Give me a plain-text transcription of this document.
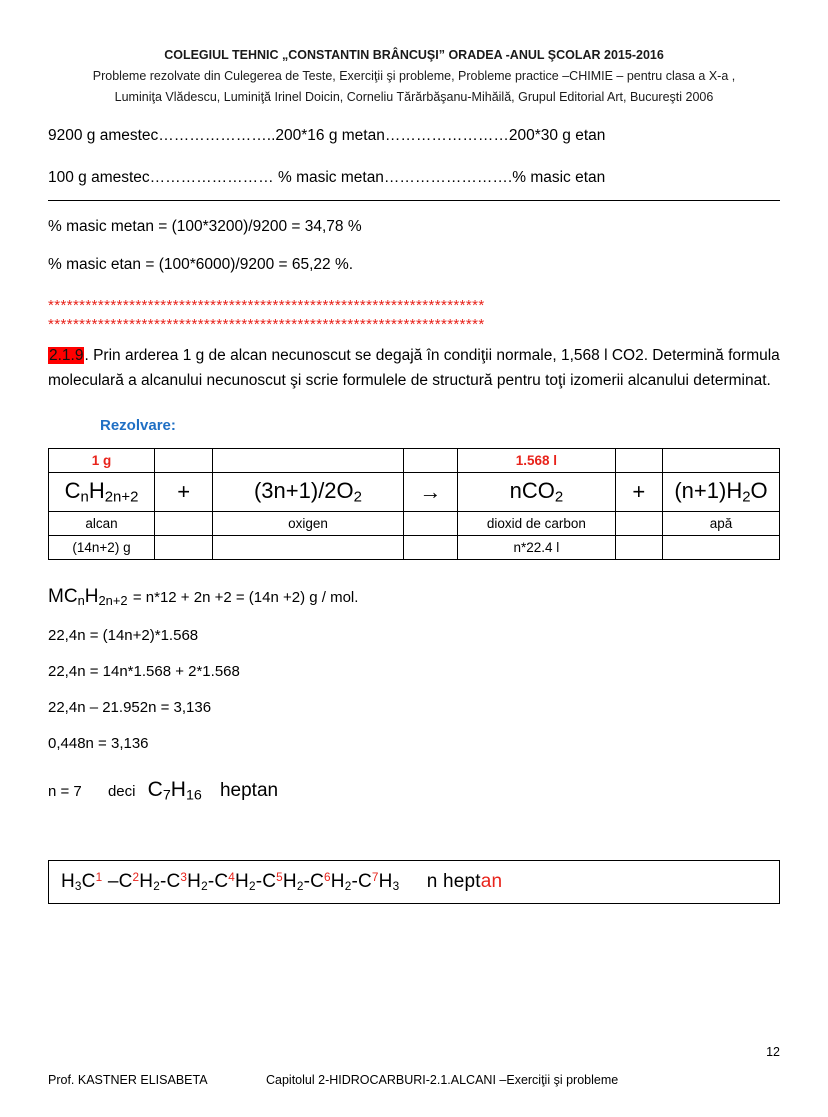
COLEGIUL TEHNIC „CONSTANTIN BRÂNCUŞI” ORADEA -ANUL ŞCOLAR 2015-2016
Probleme rezolvate din Culegerea de Teste, Exerciţii şi probleme, Probleme practice –CHIMIE – pentru clasa a X-a ,
Luminiţa Vlădescu, Luminiţă Irinel Doicin, Corneliu Tărărbăşanu-Mihăilă, Grupul Editorial Art, Bucureşti 2006
9200 g amestec…………………..200*16 g metan……………………200*30 g etan
100 g amestec…………………… % masic metan…………………….% masic etan
% masic metan = (100*3200)/9200 = 34,78 %
% masic etan = (100*6000)/9200 = 65,22 %.
**********************************************************************
**********************************************************************
2.1.9. Prin arderea 1 g de alcan necunoscut se degajă în condiţii normale, 1,568 l CO2. Determină formula moleculară a alcanului necunoscut şi scrie formulele de structură pentru toţi izomerii alcanului determinat.
Rezolvare:
1 g				1.568 l		
$C_nH_{2n+2}$	+	$(3n+1)/2O_2$	→	nCO$_2$	+	$(n+1)H_2O$
alcan		oxigen		dioxid de carbon		apă
(14n+2) g				n*22.4 l		
$MC_nH_{2n+2} = n*12 + 2n +2 = (14n +2)$ g / mol.
22,4n = (14n+2)*1.568
22,4n = 14n*1.568 + 2*1.568
22,4n – 21.952n = 3,136
0,448n = 3,136
n = 7 deci $C_7H_{16}$ heptan
$H_3C^1$ $-C^2H_2-C^3H_2-C^4H_2-C^5H_2-C^6H_2-C^7H_3$ n heptan
12
Prof. KASTNER ELISABETA	Capitolul 2-HIDROCARBURI-2.1.ALCANI –Exerciţii şi probleme
